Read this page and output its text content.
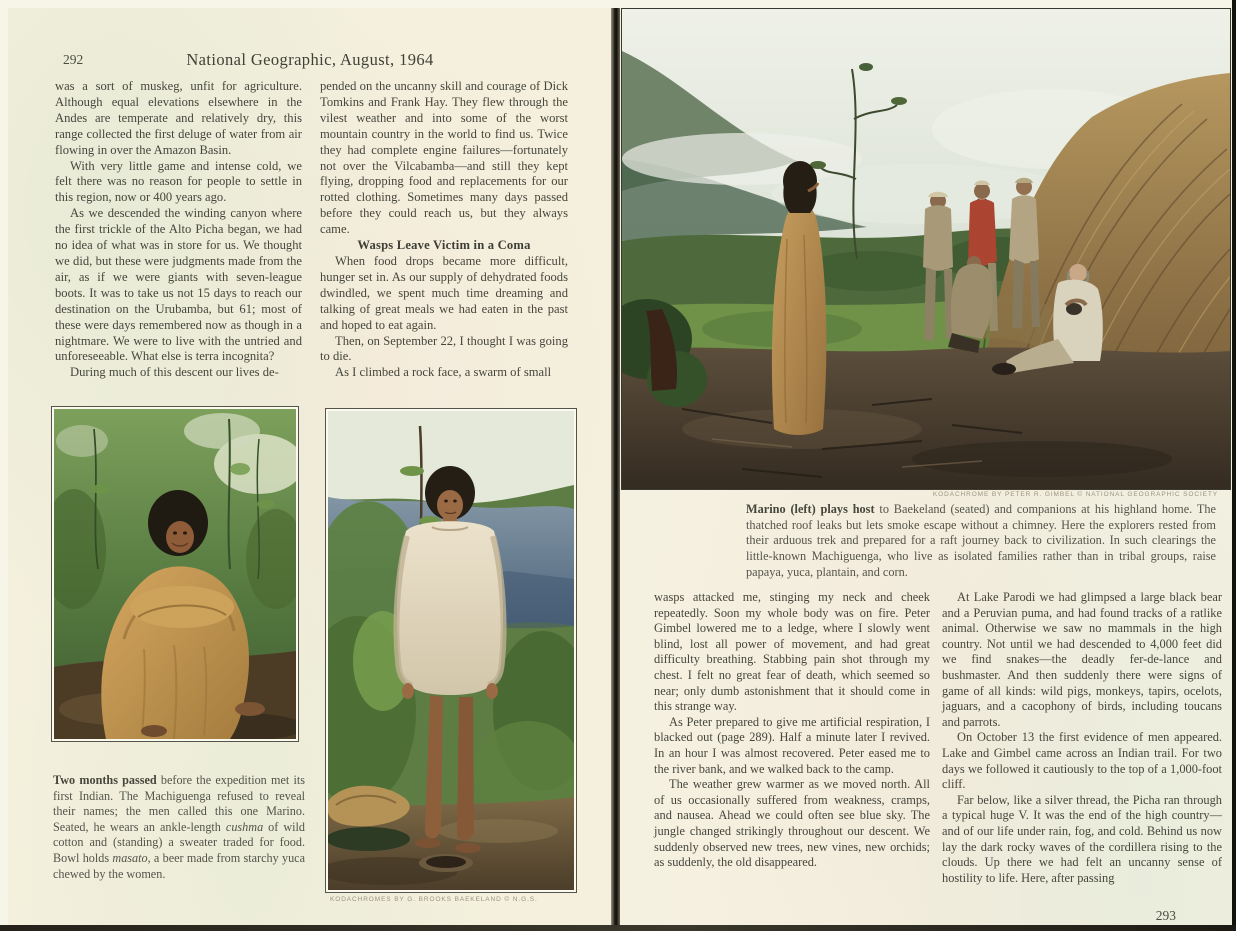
292	National Geographic, August, 1964

was a sort of muskeg, unfit for agriculture. Although equal elevations elsewhere in the Andes are temperate and relatively dry, this range collected the first deluge of water from air flowing in over the Amazon Basin.

With very little game and intense cold, we felt there was no reason for people to settle in this region, now or 400 years ago.

As we descended the winding canyon where the first trickle of the Alto Picha began, we had no idea of what was in store for us. We thought we did, but these were judgments made from the air, as if we were giants with seven-league boots. It was to take us not 15 days to reach our destination on the Urubamba, but 61; most of these were days remembered now as though in a nightmare. We were to live with the untried and unforeseeable. What else is terra incognita?

During much of this descent our lives de-

pended on the uncanny skill and courage of Dick Tomkins and Frank Hay. They flew through the vilest weather and into some of the worst mountain country in the world to find us. Twice they had complete engine failures—fortunately not over the Vilcabamba—and still they kept flying, dropping food and replacements for our rotted clothing. Sometimes many days passed before they could reach us, but they always came.

Wasps Leave Victim in a Coma

When food drops became more difficult, hunger set in. As our supply of dehydrated foods dwindled, we spent much time dreaming and talking of great meals we had eaten in the past and hoped to eat again.

Then, on September 22, I thought I was going to die.

As I climbed a rock face, a swarm of small

Two months passed before the expedition met its first Indian. The Machiguenga refused to reveal their names; the men called this one Marino. Seated, he wears an ankle-length cushma of wild cotton and (standing) a sweater traded for food. Bowl holds masato, a beer made from starchy yuca chewed by the women.
KODACHROMES BY G. BROOKS BAEKELAND © N.G.S.
KODACHROME BY PETER R. GIMBEL © NATIONAL GEOGRAPHIC SOCIETY
Marino (left) plays host to Baekeland (seated) and companions at his highland home. The thatched roof leaks but lets smoke escape without a chimney. Here the explorers rested from their arduous trek and prepared for a raft journey back to civilization. In such clearings the little-known Machiguenga, who live as isolated families rather than in tribal groups, raise papaya, yuca, plantain, and corn.

wasps attacked me, stinging my neck and cheek repeatedly. Soon my whole body was on fire. Peter Gimbel lowered me to a ledge, where I slowly went blind, lost all power of movement, and had great difficulty breathing. Stabbing pain shot through my chest. I felt no great fear of death, which seemed so near; only dumb astonishment that it should come in this strange way.

As Peter prepared to give me artificial respiration, I blacked out (page 289). Half a minute later I revived. In an hour I was almost recovered. Peter eased me to the river bank, and we walked back to the camp.

The weather grew warmer as we moved north. All of us occasionally suffered from weakness, cramps, and nausea. Ahead we could often see blue sky. The jungle changed strikingly throughout our descent. We suddenly observed new trees, new vines, new orchids; as suddenly, the old disappeared.

At Lake Parodi we had glimpsed a large black bear and a Peruvian puma, and had found tracks of a ratlike animal. Otherwise we saw no mammals in the high country. Not until we had descended to 4,000 feet did we find snakes—the deadly fer-de-lance and bushmaster. And then suddenly there were signs of game of all kinds: wild pigs, monkeys, tapirs, ocelots, jaguars, and a cacophony of birds, including toucans and parrots.

On October 13 the first evidence of men appeared. Lake and Gimbel came across an Indian trail. For two days we followed it cautiously to the top of a 1,000-foot cliff.

Far below, like a silver thread, the Picha ran through a typical huge V. It was the end of the high country—and of our life under rain, fog, and cold. Behind us now lay the dark rocky waves of the cordillera rising to the clouds. Up there we had felt an uncanny sense of hostility to life. Here, after passing

293
